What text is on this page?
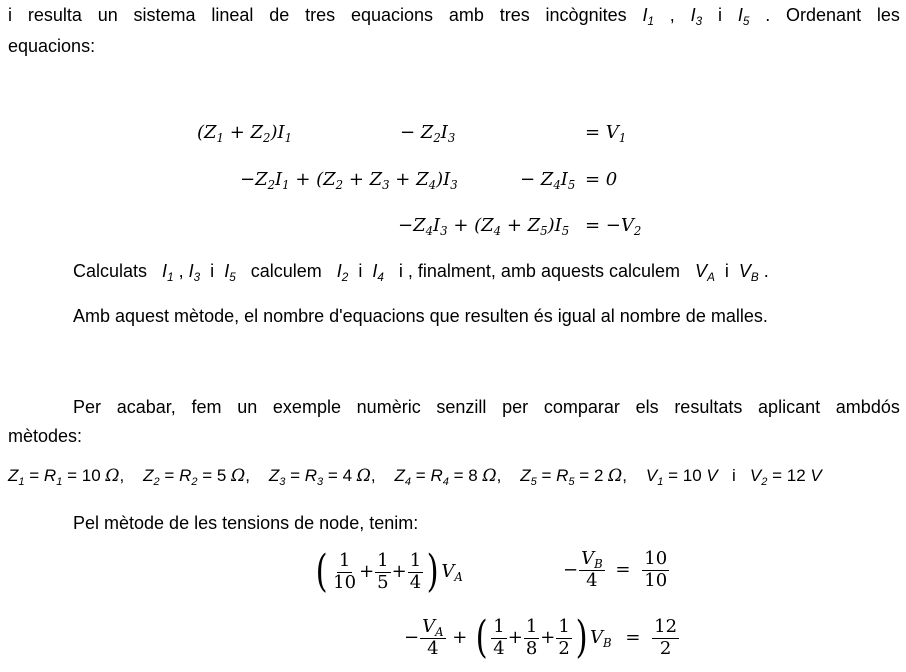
i resulta un sistema lineal de tres equacions amb tres incògnites $I_1$ , $I_3$ i $I_5$ . Ordenant les
equacions:
$(Z_1 + Z_2)I_1$	− $Z_2I_3$	= $V_1$
$-Z_2I_1 + (Z_2 + Z_3 + Z_4)I_3$	− $Z_4I_5 = 0$
$-Z_4I_3 + (Z_4 + Z_5)I_5 = -V_2$
Calculats $I_1$ , $I_3$ i $I_5$ calculem $I_2$ i $I_4$ i , finalment, amb aquests calculem $V_A$ i $V_B$ .
Amb aquest mètode, el nombre d'equacions que resulten és igual al nombre de malles.
Per acabar, fem un exemple numèric senzill per comparar els resultats aplicant ambdós
mètodes:
$Z_1 = R_1 = 10$ Ω, $Z_2 = R_2 = 5$ Ω, $Z_3 = R_3 = 4$ Ω, $Z_4 = R_4 = 8$ Ω, $Z_5 = R_5 = 2$ Ω, $V_1 = 10$ V i $V_2 = 12$ V
Pel mètode de les tensions de node, tenim:
( $\frac{1}{10} + \frac{1}{5} + \frac{1}{4}$ ) $V_A$	− $\frac{V_B}{4} = \frac{10}{10}$
− $\frac{V_A}{4}$ + ( $\frac{1}{4} + \frac{1}{8} + \frac{1}{2}$ ) $V_B = \frac{12}{2}$
